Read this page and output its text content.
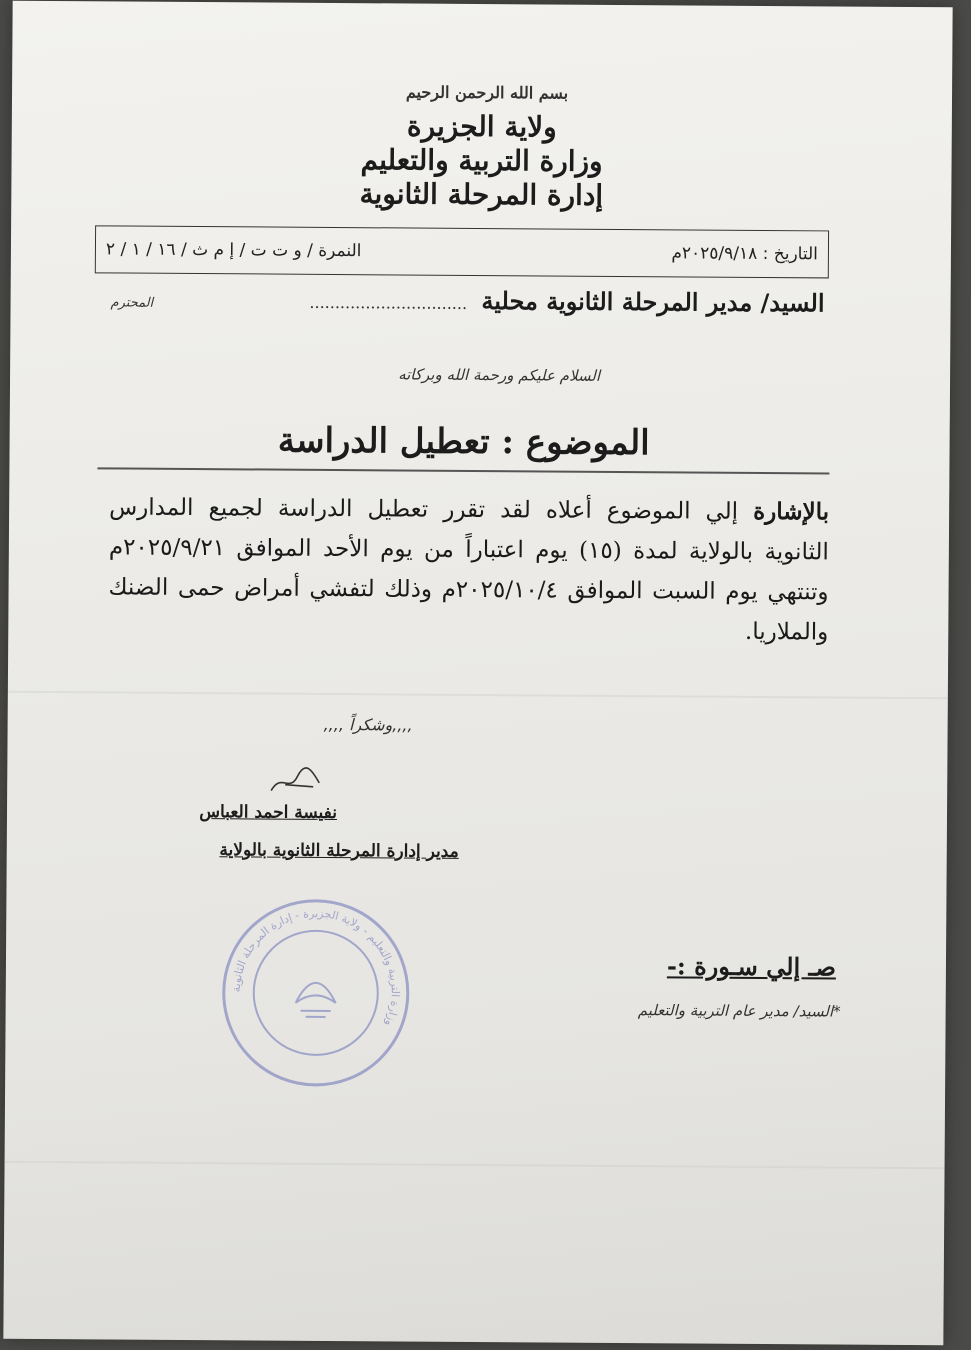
بسم الله الرحمن الرحيم
ولاية الجزيرة
وزارة التربية والتعليم
إدارة المرحلة الثانوية
التاريخ : ٢٠٢٥/٩/١٨م
النمرة / و ت ت / إ م ث / ١٦ / ١ / ٢
السيد/ مدير المرحلة الثانوية محلية ...............................
المحترم
السلام عليكم ورحمة الله وبركاته
الموضوع : تعطيل الدراسة
بالإشارة إلي الموضوع أعلاه لقد تقرر تعطيل الدراسة لجميع المدارس الثانوية بالولاية لمدة (١٥) يوم اعتباراً من يوم الأحد الموافق ٢٠٢٥/٩/٢١م وتنتهي يوم السبت الموافق ٢٠٢٥/١٠/٤م وذلك لتفشي أمراض حمى الضنك والملاريا.
,,,,وشكراً ,,,,
نفيسة احمد العباس
مدير إدارة المرحلة الثانوية بالولاية
وزارة التربية والتعليم - ولاية الجزيرة - إدارة المرحلة الثانوية
صـ إلي سـورة :-
*السيد/ مدير عام التربية والتعليم
